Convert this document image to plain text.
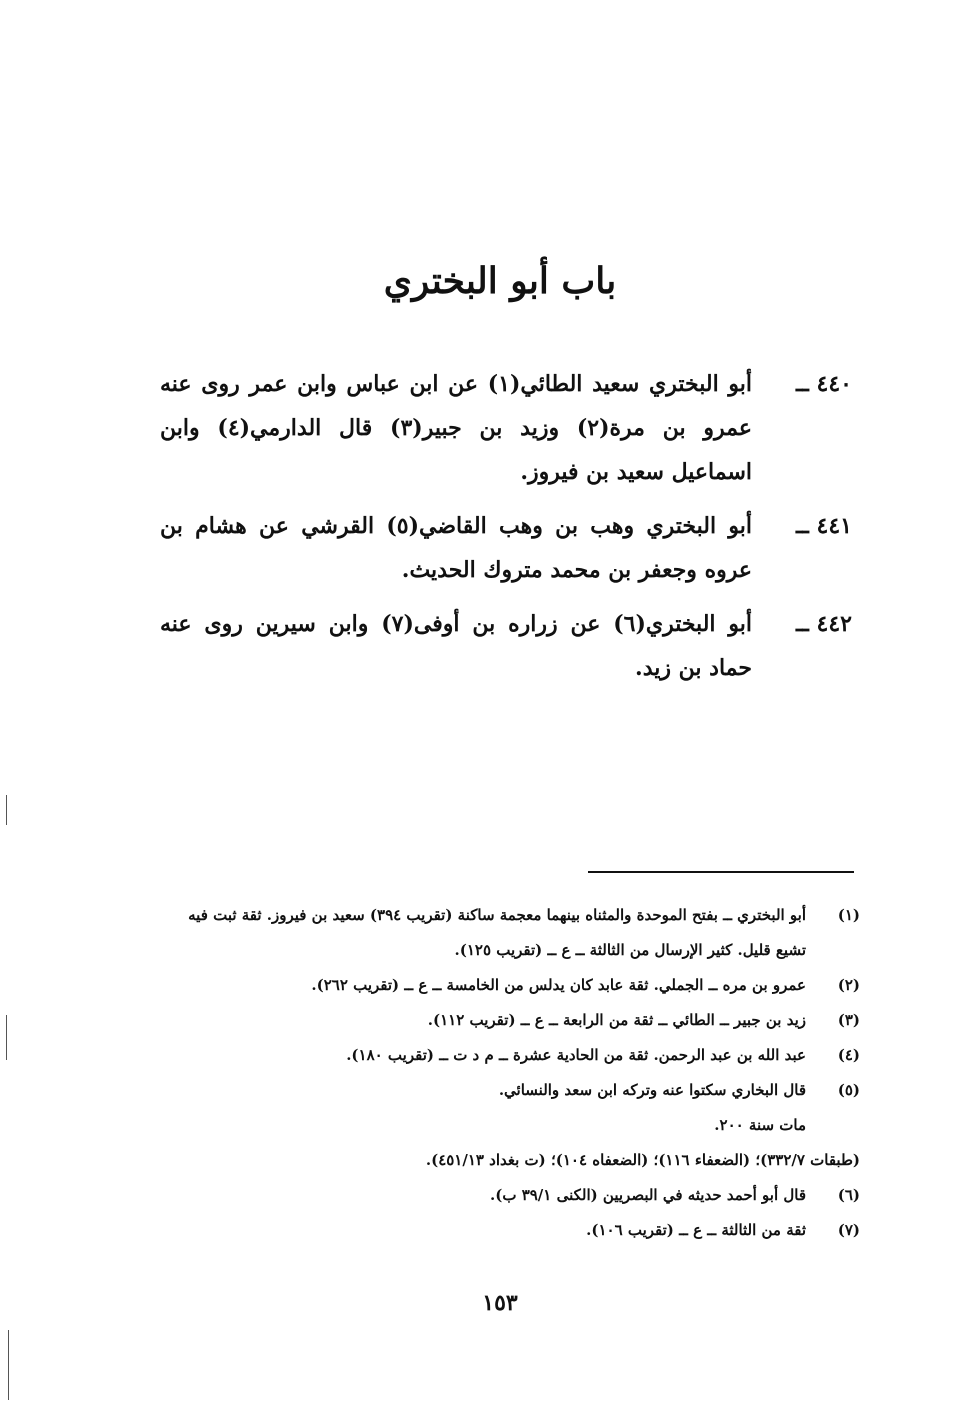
باب أبو البختري
٤٤٠ ــ
أبو البختري سعيد الطائي(١) عن ابن عباس وابن عمر روى عنه عمرو بن مرة(٢) وزيد بن جبير(٣) قال الدارمي(٤) وابن اسماعيل سعيد بن فيروز.
٤٤١ ــ
أبو البختري وهب بن وهب القاضي(٥) القرشي عن هشام بن عروه وجعفر بن محمد متروك الحديث.
٤٤٢ ــ
أبو البختري(٦) عن زراره بن أوفى(٧) وابن سيرين روى عنه حماد بن زيد.
(١)
أبو البختري ــ بفتح الموحدة والمثناه بينهما معجمة ساكنة (تقريب ٣٩٤) سعيد بن فيروز. ثقة ثبت فيه تشيع قليل. كثير الإرسال من الثالثة ــ ع ــ (تقريب ١٢٥).
(٢)
عمرو بن مره ــ الجملي. ثقة عابد كان يدلس من الخامسة ــ ع ــ (تقريب ٢٦٢).
(٣)
زيد بن جبير ــ الطائي ــ ثقة من الرابعة ــ ع ــ (تقريب ١١٢).
(٤)
عبد الله بن عبد الرحمن. ثقة من الحادية عشرة ــ م د ت ــ (تقريب ١٨٠).
(٥)
قال البخاري سكتوا عنه وتركه ابن سعد والنسائي.
مات سنة ٢٠٠.
(طبقات ٣٣٢/٧)؛ (الضعفاء ١١٦)؛ (الضعفاه ١٠٤)؛ (ت بغداد ٤٥١/١٣).
(٦)
قال أبو أحمد حديثه في البصريين (الكنى ٣٩/١ ب).
(٧)
ثقة من الثالثة ــ ع ــ (تقريب ١٠٦).
١٥٣
